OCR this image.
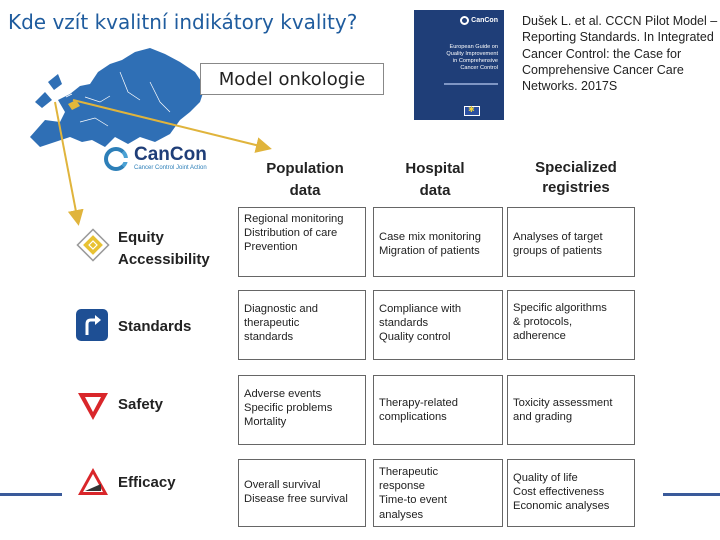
Kde vzít kvalitní indikátory kvality?
Model onkologie
CanCon
European Guide on
Quality Improvement
in Comprehensive
Cancer Control
✱
Dušek L. et al. CCCN Pilot Model – Reporting Standards. In Integrated Cancer Control: the Case for Comprehensive Cancer Care Networks. 2017S
CanCon
Cancer Control Joint Action	Population
data
Hospital
data
Specialized
registries
Equity
Accessibility
Standards
Safety
Efficacy
Regional monitoring
Distribution of care
Prevention
Case mix monitoring
Migration of patients
Analyses of target
groups of patients
Diagnostic and
therapeutic
standards
Compliance with
standards
Quality control
Specific algorithms
& protocols,
adherence
Adverse events
Specific problems
Mortality
Therapy-related
complications
Toxicity assessment
and grading
Overall survival
Disease free survival
Therapeutic
response
Time-to event
analyses
Quality of life
Cost effectiveness
Economic analyses
